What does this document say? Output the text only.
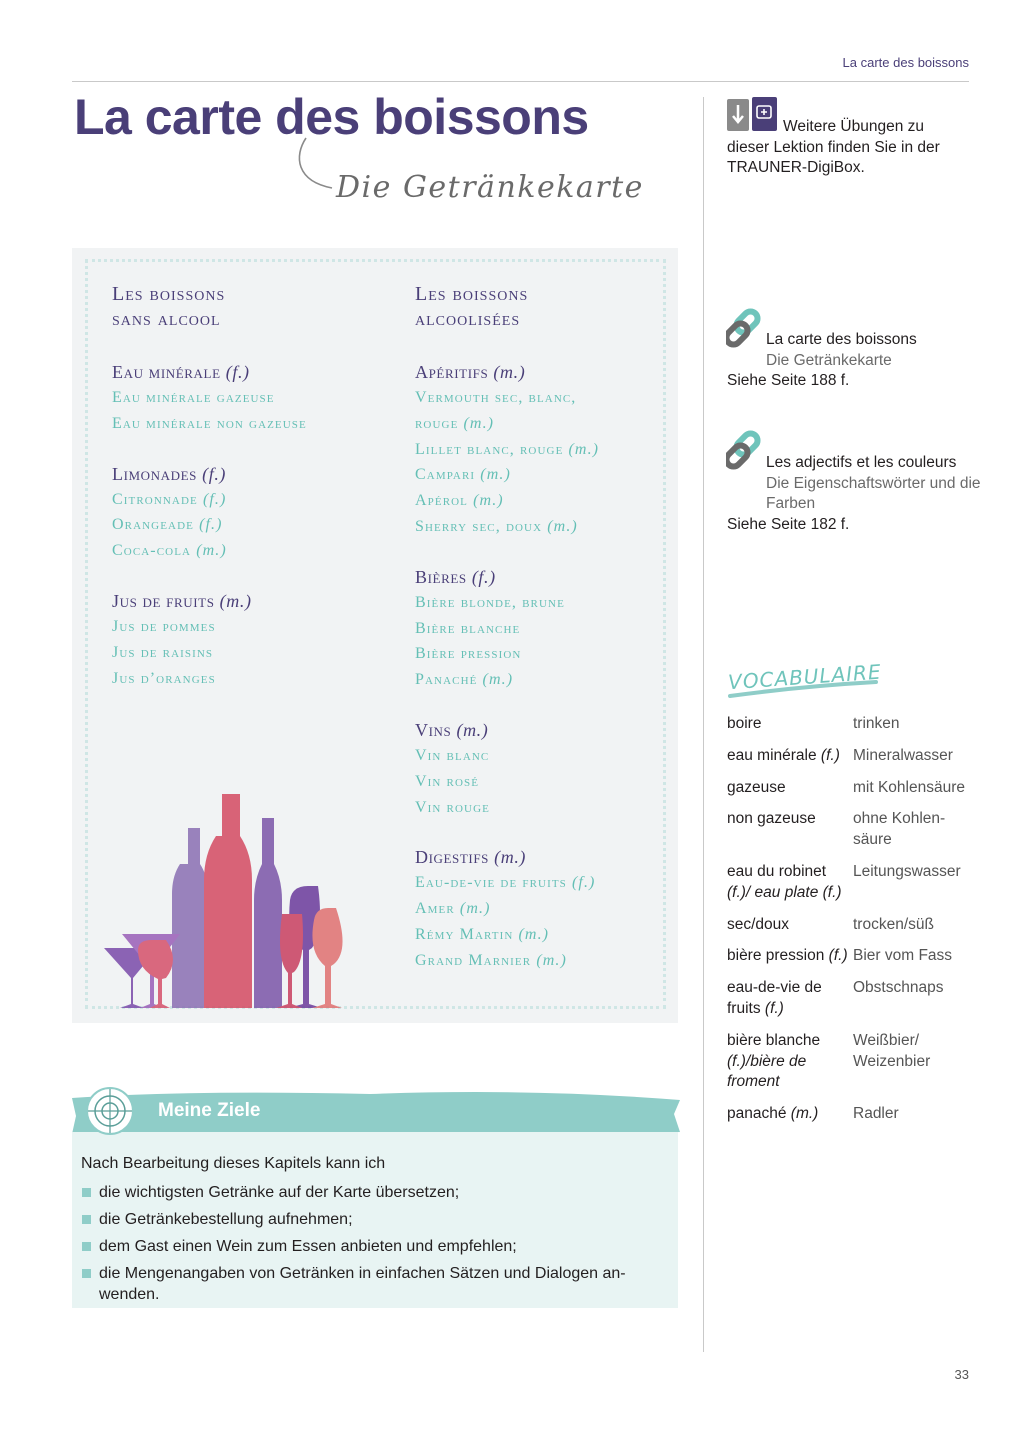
La carte des boissons
La carte des boissons
Die Getränkekarte
Les boissons
sans alcool
Eau minérale (f.)
Eau minérale gazeuse
Eau minérale non gazeuse
Limonades (f.)
Citronnade (f.)
Orangeade (f.)
Coca-cola (m.)
Jus de fruits (m.)
Jus de pommes
Jus de raisins
Jus d’oranges
Les boissons
alcoolisées
Apéritifs (m.)
Vermouth sec, blanc,
rouge (m.)
Lillet blanc, rouge (m.)
Campari (m.)
Apérol (m.)
Sherry sec, doux (m.)
Bières (f.)
Bière blonde, brune
Bière blanche
Bière pression
Panaché (m.)
Vins (m.)
Vin blanc
Vin rosé
Vin rouge
Digestifs (m.)
Eau-de-vie de fruits (f.)
Amer (m.)
Rémy Martin (m.)
Grand Marnier (m.)
Meine Ziele
Nach Bearbeitung dieses Kapitels kann ich
die wichtigsten Getränke auf der Karte übersetzen;
die Getränkebestellung aufnehmen;
dem Gast einen Wein zum Essen anbieten und empfehlen;
die Mengenangaben von Getränken in einfachen Sätzen und Dialogen an-wenden.
Weitere Übungen zu dieser Lektion finden Sie in der TRAUNER-DigiBox.
La carte des boissons
Die Getränkekarte
Siehe Seite 188 f.
Les adjectifs et les couleurs
Die Eigenschaftswörter und die Farben
Siehe Seite 182 f.
VOCABULAIRE
boire	trinken
eau minérale (f.)	Mineralwasser
gazeuse	mit Kohlensäure
non gazeuse	ohne Kohlen-säure
eau du robinet (f.)/ eau plate (f.)	Leitungswasser
sec/doux	trocken/süß
bière pression (f.)	Bier vom Fass
eau-de-vie de fruits (f.)	Obstschnaps
bière blanche (f.)/bière de froment	Weißbier/ Weizenbier
panaché (m.)	Radler
33
